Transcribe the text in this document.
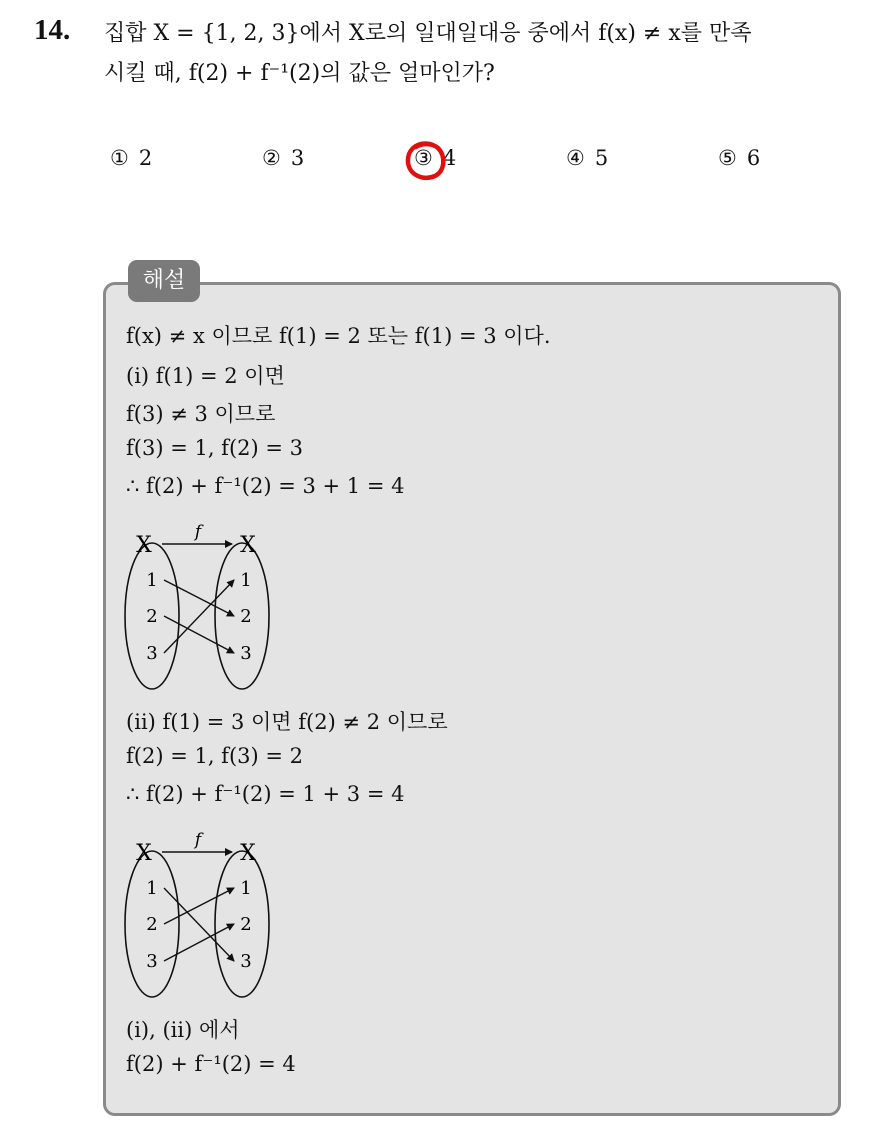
14. 집합 X = {1, 2, 3}에서 X로의 일대일대응 중에서 f(x) ≠ x를 만족
시킬 때, f(2) + f⁻¹(2)의 값은 얼마인가?
① 2	② 3	③ 4	④ 5	⑤ 6
해설
f(x) ≠ x 이므로 f(1) = 2 또는 f(1) = 3 이다.
(ⅰ) f(1) = 2 이면
f(3) ≠ 3 이므로
f(3) = 1, f(2) = 3
∴ f(2) + f⁻¹(2) = 3 + 1 = 4
X	X
f
1
2
3
1
2
3
(ⅱ) f(1) = 3 이면 f(2) ≠ 2 이므로
f(2) = 1, f(3) = 2
∴ f(2) + f⁻¹(2) = 1 + 3 = 4
X	X
f
1
2
3
1
2
3
(ⅰ), (ⅱ) 에서
f(2) + f⁻¹(2) = 4
